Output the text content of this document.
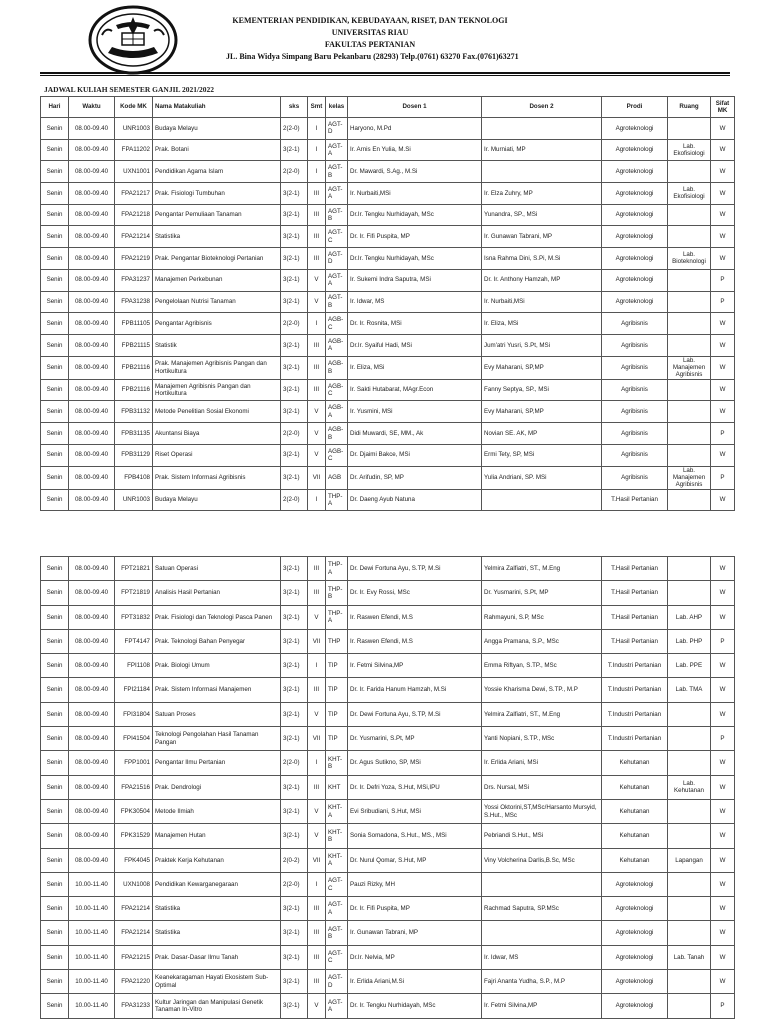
KEMENTERIAN PENDIDIKAN, KEBUDAYAAN, RISET, DAN TEKNOLOGI
UNIVERSITAS RIAU
FAKULTAS PERTANIAN
JL. Bina Widya Simpang Baru Pekanbaru (28293) Telp.(0761) 63270 Fax.(0761)63271
JADWAL KULIAH SEMESTER GANJIL 2021/2022
Hari	Waktu	Kode MK	Nama Matakuliah	sks	Smt	kelas	Dosen 1	Dosen 2	Prodi	Ruang	Sifat MK
Senin	08.00-09.40	UNR1003	Budaya Melayu	2(2-0)	I	AGT-D	Haryono, M.Pd		Agroteknologi		W
Senin	08.00-09.40	FPA11202	Prak. Botani	3(2-1)	I	AGT-A	Ir. Arnis En Yulia, M.Si	Ir. Murniati, MP	Agroteknologi	Lab. Ekofisiologi	W
Senin	08.00-09.40	UXN1001	Pendidikan Agama Islam	2(2-0)	I	AGT-B	Dr. Mawardi, S.Ag., M.Si		Agroteknologi		W
Senin	08.00-09.40	FPA21217	Prak. Fisiologi Tumbuhan	3(2-1)	III	AGT-A	Ir. Nurbaiti,MSi	Ir. Elza Zuhry, MP	Agroteknologi	Lab. Ekofisiologi	W
Senin	08.00-09.40	FPA21218	Pengantar Pemuliaan Tanaman	3(2-1)	III	AGT-B	Dr.Ir. Tengku Nurhidayah, MSc	Yunandra, SP., MSi	Agroteknologi		W
Senin	08.00-09.40	FPA21214	Statistika	3(2-1)	III	AGT-C	Dr. Ir. Fifi Puspita, MP	Ir. Gunawan Tabrani, MP	Agroteknologi		W
Senin	08.00-09.40	FPA21219	Prak. Pengantar Bioteknologi Pertanian	3(2-1)	III	AGT-D	Dr.Ir. Tengku Nurhidayah, MSc	Isna Rahma Dini, S.Pi, M.Si	Agroteknologi	Lab. Bioteknologi	W
Senin	08.00-09.40	FPA31237	Manajemen Perkebunan	3(2-1)	V	AGT-A	Ir. Sukemi Indra Saputra, MSi	Dr. Ir. Anthony Hamzah, MP	Agroteknologi		P
Senin	08.00-09.40	FPA31238	Pengelolaan Nutrisi Tanaman	3(2-1)	V	AGT-B	Ir. Idwar, MS	Ir. Nurbaiti,MSi	Agroteknologi		P
Senin	08.00-09.40	FPB11105	Pengantar Agribisnis	2(2-0)	I	AGB-C	Dr. Ir. Rosnita, MSi	Ir. Eliza, MSi	Agribisnis		W
Senin	08.00-09.40	FPB21115	Statistik	3(2-1)	III	AGB-A	Dr.Ir. Syaiful Hadi, MSi	Jum'atri Yusri, S.Pt, MSi	Agribisnis		W
Senin	08.00-09.40	FPB21116	Prak. Manajemen Agribisnis Pangan dan Hortikultura	3(2-1)	III	AGB-B	Ir. Eliza, MSi	Evy Maharani, SP,MP	Agribisnis	Lab. Manajemen Agribisnis	W
Senin	08.00-09.40	FPB21116	Manajemen Agribisnis Pangan dan Hortikultura	3(2-1)	III	AGB-C	Ir. Sakti Hutabarat, MAgr.Econ	Fanny Septya, SP., MSi	Agribisnis		W
Senin	08.00-09.40	FPB31132	Metode Penelitian Sosial Ekonomi	3(2-1)	V	AGB-A	Ir. Yusmini, MSi	Evy Maharani, SP,MP	Agribisnis		W
Senin	08.00-09.40	FPB31135	Akuntansi Biaya	2(2-0)	V	AGB-B	Didi Muwardi, SE, MM., Ak	Novian SE. AK, MP	Agribisnis		P
Senin	08.00-09.40	FPB31129	Riset Operasi	3(2-1)	V	AGB-C	Dr. Djaimi Bakce, MSi	Ermi Tety, SP, MSi	Agribisnis		W
Senin	08.00-09.40	FPB4108	Prak. Sistem Informasi Agribisnis	3(2-1)	VII	AGB	Dr. Arifudin, SP, MP	Yulia Andriani, SP. MSi	Agribisnis	Lab. Manajemen Agribisnis	P
Senin	08.00-09.40	UNR1003	Budaya Melayu	2(2-0)	I	THP-A	Dr. Daeng Ayub Natuna		T.Hasil Pertanian		W
Senin	08.00-09.40	FPT21821	Satuan Operasi	3(2-1)	III	THP-A	Dr. Dewi Fortuna Ayu, S.TP, M.Si	Yelmira Zalfiatri, ST., M.Eng	T.Hasil Pertanian		W
Senin	08.00-09.40	FPT21819	Analisis Hasil Pertanian	3(2-1)	III	THP-B	Dr. Ir. Evy Rossi, MSc	Dr. Yusmarini, S.Pt, MP	T.Hasil Pertanian		W
Senin	08.00-09.40	FPT31832	Prak. Fisiologi dan Teknologi Pasca Panen	3(2-1)	V	THP-A	Ir. Raswen Efendi, M.S	Rahmayuni, S.P, MSc	T.Hasil Pertanian	Lab. AHP	W
Senin	08.00-09.40	FPT4147	Prak. Teknologi Bahan Penyegar	3(2-1)	VII	THP	Ir. Raswen Efendi, M.S	Angga Pramana, S.P., MSc	T.Hasil Pertanian	Lab. PHP	P
Senin	08.00-09.40	FPI1108	Prak. Biologi Umum	3(2-1)	I	TIP	Ir. Fetmi Silvina,MP	Emma Riftyan, S.TP., MSc	T.Industri Pertanian	Lab. PPE	W
Senin	08.00-09.40	FPI21184	Prak. Sistem Informasi Manajemen	3(2-1)	III	TIP	Dr. Ir. Farida Hanum Hamzah, M.Si	Yossie Kharisma Dewi, S.TP., M.P	T.Industri Pertanian	Lab. TMA	W
Senin	08.00-09.40	FPI31804	Satuan Proses	3(2-1)	V	TIP	Dr. Dewi Fortuna Ayu, S.TP, M.Si	Yelmira Zalfiatri, ST., M.Eng	T.Industri Pertanian		W
Senin	08.00-09.40	FPI41504	Teknologi Pengolahan Hasil Tanaman Pangan	3(2-1)	VII	TIP	Dr. Yusmarini, S.Pt, MP	Yanti Nopiani, S.TP., MSc	T.Industri Pertanian		P
Senin	08.00-09.40	FPP1001	Pengantar Ilmu Pertanian	2(2-0)	I	KHT-B	Dr. Agus Sutikno, SP, MSi	Ir. Erlida Ariani, MSi	Kehutanan		W
Senin	08.00-09.40	FPA21516	Prak. Dendrologi	3(2-1)	III	KHT	Dr. Ir. Defri Yoza, S.Hut, MSi,IPU	Drs. Nursal, MSi	Kehutanan	Lab. Kehutanan	W
Senin	08.00-09.40	FPK30504	Metode Ilmiah	3(2-1)	V	KHT-A	Evi Sribudiani, S.Hut, MSi	Yossi Oktorini,ST,MSc/Harsanto Mursyid, S.Hut., MSc	Kehutanan		W
Senin	08.00-09.40	FPK31529	Manajemen Hutan	3(2-1)	V	KHT-B	Sonia Somadona, S.Hut., MS., MSi	Pebriandi S.Hut., MSi	Kehutanan		W
Senin	08.00-09.40	FPK4045	Praktek Kerja Kehutanan	2(0-2)	VII	KHT-A	Dr. Nurul Qomar, S.Hut, MP	Viny Volcherina Darlis,B.Sc, MSc	Kehutanan	Lapangan	W
Senin	10.00-11.40	UXN1008	Pendidikan Kewarganegaraan	2(2-0)	I	AGT-C	Pauzi Rizky, MH		Agroteknologi		W
Senin	10.00-11.40	FPA21214	Statistika	3(2-1)	III	AGT-A	Dr. Ir. Fifi Puspita, MP	Rachmad Saputra, SP.MSc	Agroteknologi		W
Senin	10.00-11.40	FPA21214	Statistika	3(2-1)	III	AGT-B	Ir. Gunawan Tabrani, MP		Agroteknologi		W
Senin	10.00-11.40	FPA21215	Prak. Dasar-Dasar Ilmu Tanah	3(2-1)	III	AGT-C	Dr.Ir. Nelvia, MP	Ir. Idwar, MS	Agroteknologi	Lab. Tanah	W
Senin	10.00-11.40	FPA21220	Keanekaragaman Hayati Ekosistem Sub-Optimal	3(2-1)	III	AGT-D	Ir. Erlida Ariani,M.Si	Fajri Ananta Yudha, S.P., M.P	Agroteknologi		W
Senin	10.00-11.40	FPA31233	Kultur Jaringan dan Manipulasi Genetik Tanaman In-Vitro	3(2-1)	V	AGT-A	Dr. Ir. Tengku Nurhidayah, MSc	Ir. Fetmi Silvina,MP	Agroteknologi		P
